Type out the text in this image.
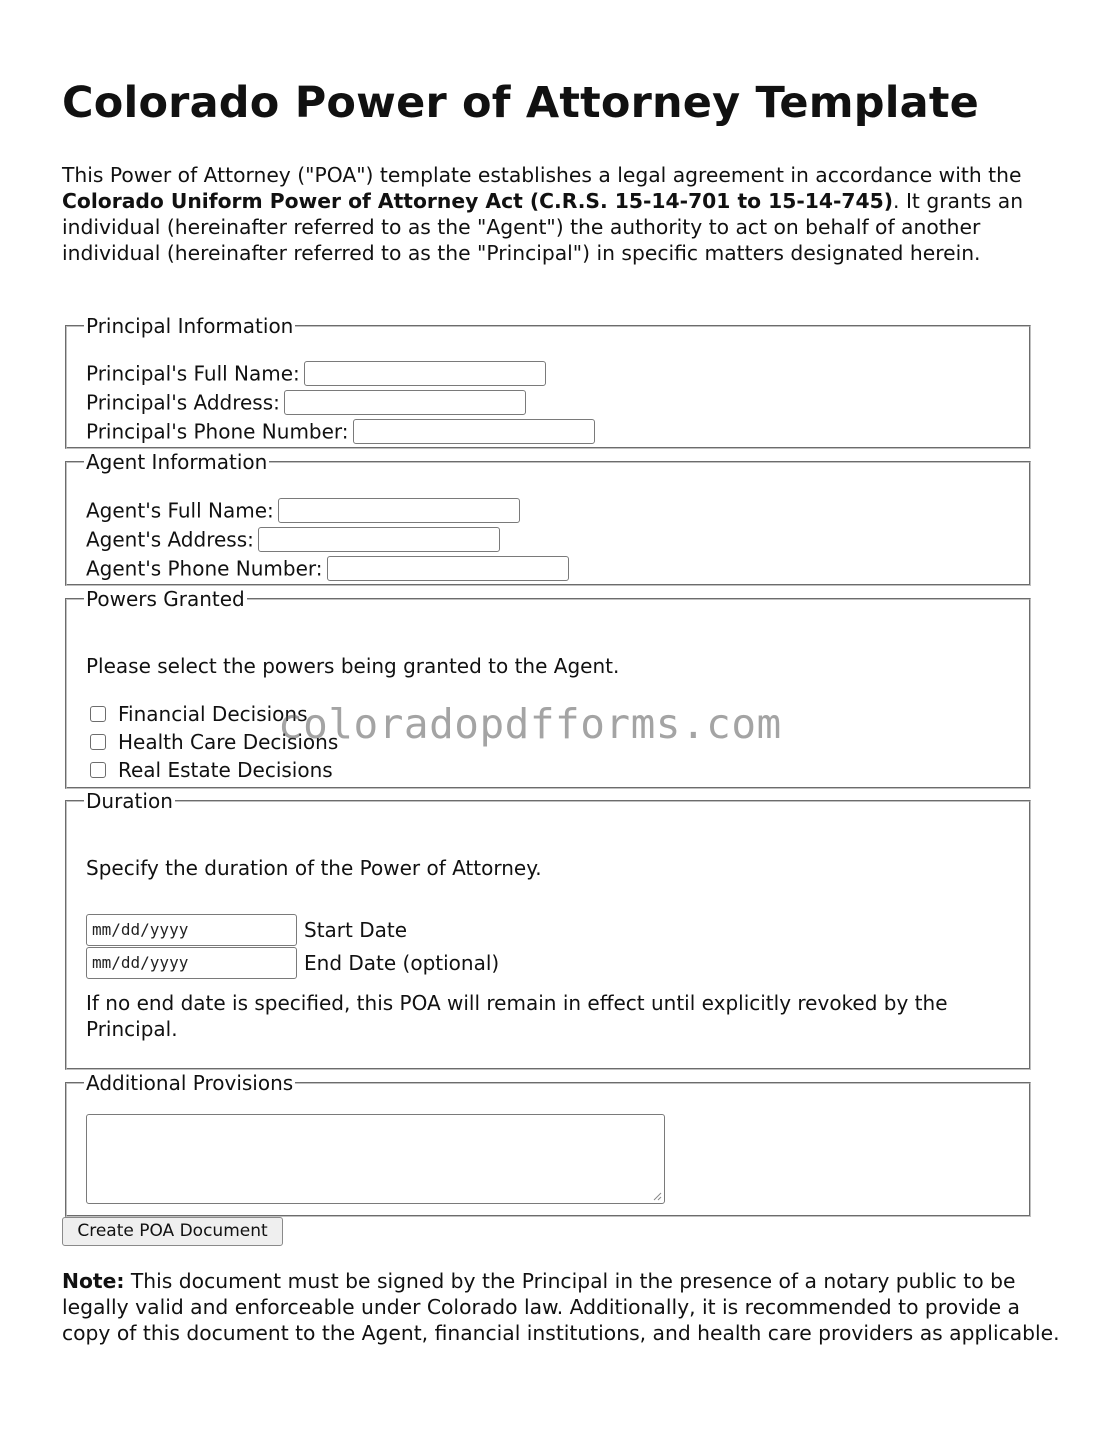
Colorado Power of Attorney Template

This Power of Attorney ("POA") template establishes a legal agreement in accordance with the Colorado Uniform Power of Attorney Act (C.R.S. 15-14-701 to 15-14-745). It grants an individual (hereinafter referred to as the "Agent") the authority to act on behalf of another individual (hereinafter referred to as the "Principal") in specific matters designated herein.

Principal Information
Principal's Full Name:
Principal's Address:
Principal's Phone Number:
Agent Information
Agent's Full Name:
Agent's Address:
Agent's Phone Number:
Powers Granted

Please select the powers being granted to the Agent.

Financial Decisions
Health Care Decisions
Real Estate Decisions
Duration

Specify the duration of the Power of Attorney.

mm/dd/yyyy	Start Date
mm/dd/yyyy	End Date (optional)

If no end date is specified, this POA will remain in effect until explicitly revoked by the Principal.

Additional Provisions
Create POA Document

Note: This document must be signed by the Principal in the presence of a notary public to be legally valid and enforceable under Colorado law. Additionally, it is recommended to provide a copy of this document to the Agent, financial institutions, and health care providers as applicable.

coloradopdfforms.com
